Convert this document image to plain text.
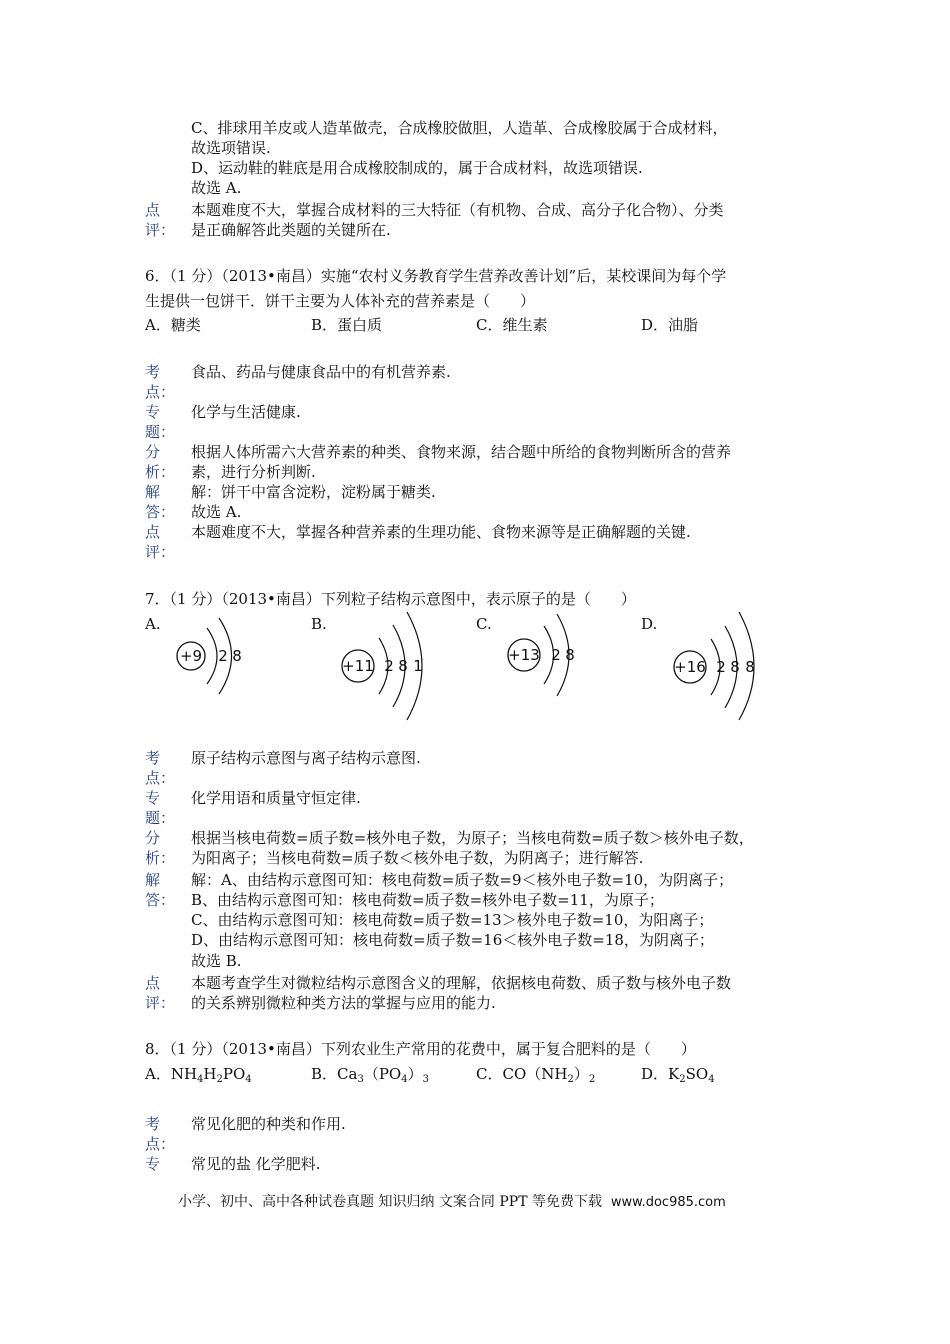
C、排球用羊皮或人造革做壳，合成橡胶做胆，人造革、合成橡胶属于合成材料，
故选项错误.
D、运动鞋的鞋底是用合成橡胶制成的，属于合成材料，故选项错误.
故选 A.
点
评：
本题难度不大，掌握合成材料的三大特征（有机物、合成、高分子化合物）、分类
是正确解答此类题的关键所在.
6．（1 分）（2013•南昌）实施“农村义务教育学生营养改善计划”后，某校课间为每个学
生提供一包饼干．饼干主要为人体补充的营养素是（　　）
A．糖类	B．蛋白质	C．维生素	D．油脂
考
点：
食品、药品与健康食品中的有机营养素.
专
题：
化学与生活健康.
分
析：
根据人体所需六大营养素的种类、食物来源，结合题中所给的食物判断所含的营养
素，进行分析判断.
解
答：
解：饼干中富含淀粉，淀粉属于糖类.
故选 A.
点
评：
本题难度不大，掌握各种营养素的生理功能、食物来源等是正确解题的关键.
7．（1 分）（2013•南昌）下列粒子结构示意图中，表示原子的是（　　）
A.	B.	C.	D.
+9 2 8
+11 2 8 1
+13 2 8
+16 2 8 8
考
点：
原子结构示意图与离子结构示意图.
专
题：
化学用语和质量守恒定律.
分
析：
根据当核电荷数=质子数=核外电子数，为原子；当核电荷数=质子数＞核外电子数，
为阳离子；当核电荷数=质子数＜核外电子数，为阴离子；进行解答.
解
答：
解：A、由结构示意图可知：核电荷数=质子数=9＜核外电子数=10，为阴离子；
B、由结构示意图可知：核电荷数=质子数=核外电子数=11，为原子；
C、由结构示意图可知：核电荷数=质子数=13＞核外电子数=10，为阳离子；
D、由结构示意图可知：核电荷数=质子数=16＜核外电子数=18，为阴离子；
故选 B.
点
评：
本题考查学生对微粒结构示意图含义的理解，依据核电荷数、质子数与核外电子数
的关系辨别微粒种类方法的掌握与应用的能力.
8．（1 分）（2013•南昌）下列农业生产常用的花费中，属于复合肥料的是（　　）
A．$NH_4H_2PO_4$	B．$Ca_3(PO_4)_3$	C．$CO(NH_2)_2$	D．$K_2SO_4$
考
点：
常见化肥的种类和作用.
专 常见的盐 化学肥料.
小学、初中、高中各种试卷真题 知识归纳 文案合同 PPT 等免费下载 www.doc985.com
